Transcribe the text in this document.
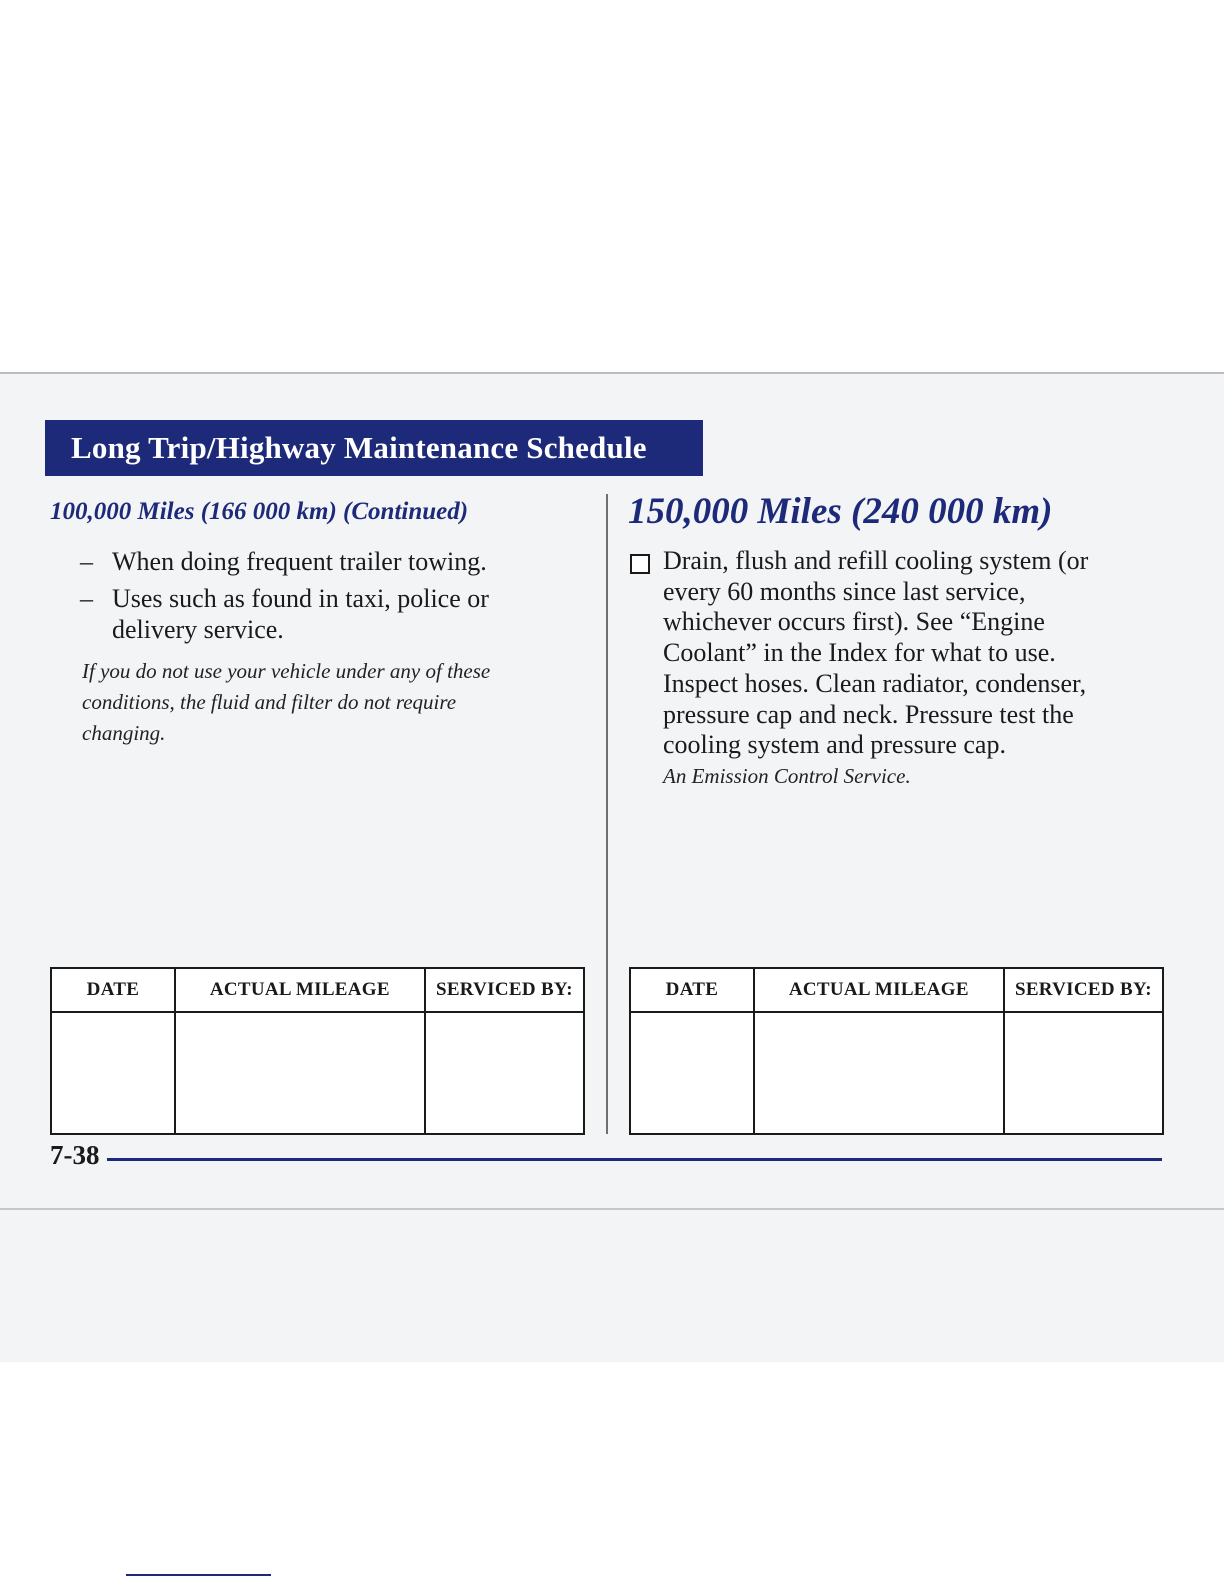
Long Trip/Highway Maintenance Schedule
100,000 Miles (166 000 km) (Continued)
– When doing frequent trailer towing.
– Uses such as found in taxi, police or delivery service.
If you do not use your vehicle under any of these conditions, the fluid and filter do not require changing.
DATE	ACTUAL MILEAGE	SERVICED BY:

150,000 Miles (240 000 km)
Drain, flush and refill cooling system (or every 60 months since last service, whichever occurs first). See “Engine Coolant” in the Index for what to use. Inspect hoses. Clean radiator, condenser, pressure cap and neck. Pressure test the cooling system and pressure cap.
An Emission Control Service.
DATE	ACTUAL MILEAGE	SERVICED BY:

7-38
